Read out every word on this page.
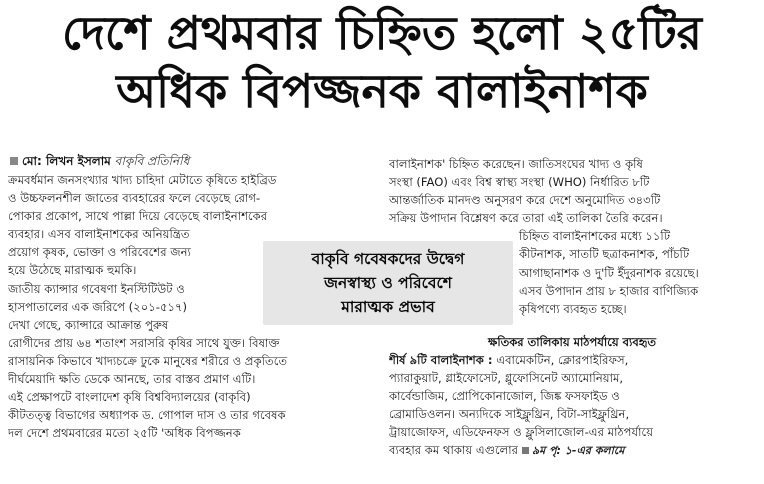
দেশে প্রথমবার চিহ্নিত হলো ২৫টির
অধিক বিপজ্জনক বালাইনাশক
মো: লিখন ইসলাম বাকৃবি প্রতিনিধি
ক্রমবর্ধমান জনসংখ্যার খাদ্য চাহিদা মেটাতে কৃষিতে হাইব্রিড
ও উচ্চফলনশীল জাতের ব্যবহারের ফলে বেড়েছে রোগ-
পোকার প্রকোপ, সাথে পাল্লা দিয়ে বেড়েছে বালাইনাশকের
ব্যবহার। এসব বালাইনাশকের অনিয়ন্ত্রিত
প্রয়োগ কৃষক, ভোক্তা ও পরিবেশের জন্য
হয়ে উঠেছে মারাত্মক হুমকি।
জাতীয় ক্যান্সার গবেষণা ইনস্টিটিউট ও
হাসপাতালের এক জরিপে (২০১-৫১৭)
দেখা গেছে, ক্যান্সারে আক্রান্ত পুরুষ
রোগীদের প্রায় ৬৪ শতাংশ সরাসরি কৃষির সাথে যুক্ত। বিষাক্ত
রাসায়নিক কিভাবে খাদ্যচক্রে ঢুকে মানুষের শরীরে ও প্রকৃতিতে
দীর্ঘমেয়াদি ক্ষতি ডেকে আনছে, তার বাস্তব প্রমাণ এটি।
এই প্রেক্ষাপটে বাংলাদেশ কৃষি বিশ্ববিদ্যালয়ের (বাকৃবি)
কীটতত্ত্ব বিভাগের অধ্যাপক ড. গোপাল দাস ও তার গবেষক
দল দেশে প্রথমবারের মতো ২৫টি 'অধিক বিপজ্জনক
বাকৃবি গবেষকদের উদ্বেগ
জনস্বাস্থ্য ও পরিবেশে
মারাত্মক প্রভাব
বালাইনাশক' চিহ্নিত করেছেন। জাতিসংঘের খাদ্য ও কৃষি
সংস্থা (FAO) এবং বিশ্ব স্বাস্থ্য সংস্থা (WHO) নির্ধারিত ৮টি
আন্তর্জাতিক মানদণ্ড অনুসরণ করে দেশে অনুমোদিত ৩৪৩টি
সক্রিয় উপাদান বিশ্লেষণ করে তারা এই তালিকা তৈরি করেন।
চিহ্নিত বালাইনাশকের মধ্যে ১১টি
কীটনাশক, সাতটি ছত্রাকনাশক, পাঁচটি
আগাছানাশক ও দু'টি ইঁদুরনাশক রয়েছে।
এসব উপাদান প্রায় ৮ হাজার বাণিজ্যিক
কৃষিপণ্যে ব্যবহৃত হচ্ছে।
ক্ষতিকর তালিকায় মাঠপর্যায়ে ব্যবহৃত
শীর্ষ ৯টি বালাইনাশক : এবামেকটিন, ক্লোরপাইরিফস,
প্যারাকুয়াট, গ্লাইফোসেট, গ্লুফোসিনেট অ্যামোনিয়াম,
কার্বেন্ডাজিম, প্রোপিকোনাজোল, জিঙ্ক ফসফাইড ও
ব্রোমাডিওলন। অন্যদিকে সাইফ্লুথ্রিন, বিটা-সাইফ্লুথ্রিন,
ট্রায়াজোফস, এডিফেনফস ও ফ্লুসিলাজোল-এর মাঠপর্যায়ে
ব্যবহার কম থাকায় এগুলোর ৯ম পৃ: ১-এর কলামে
